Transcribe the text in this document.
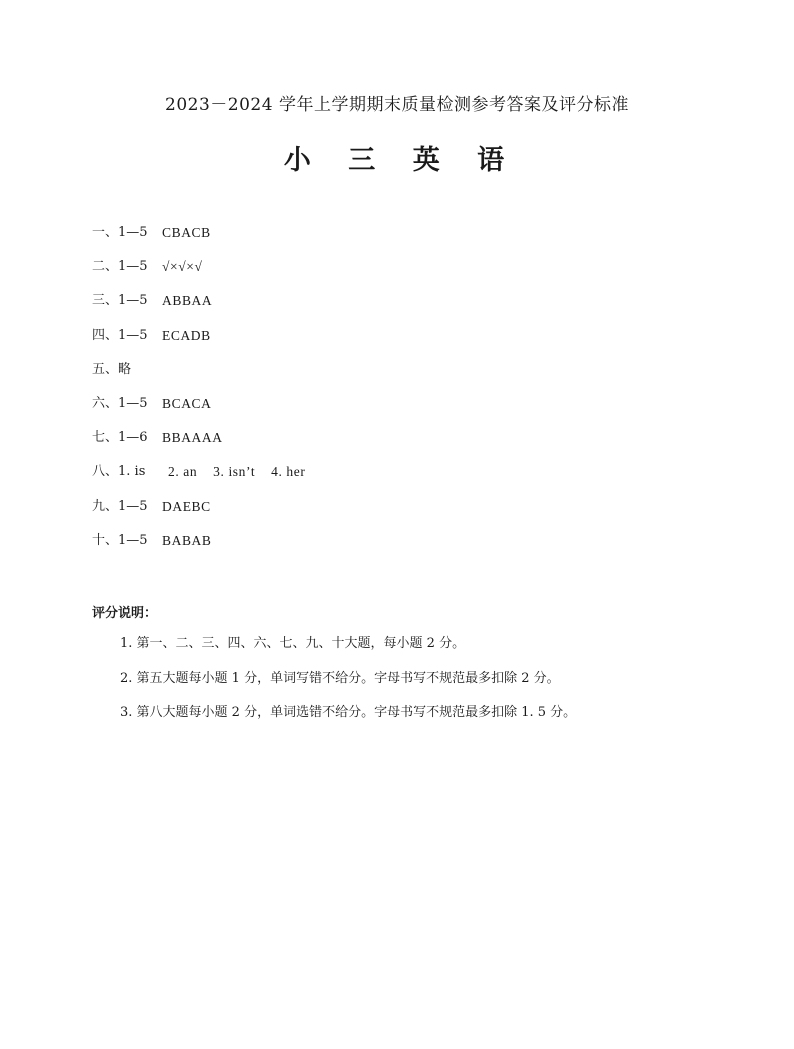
2023－2024 学年上学期期末质量检测参考答案及评分标准
小 三 英 语
一、1—5	CBACB
二、1—5	√×√×√
三、1—5	ABBAA
四、1—5	ECADB
五、略
六、1—5	BCACA
七、1—6	BBAAAA
八、1. is	2. an    3. isn’t    4. her
九、1—5	DAEBC
十、1—5	BABAB

评分说明：

1. 第一、二、三、四、六、七、九、十大题，每小题 2 分。
2. 第五大题每小题 1 分，单词写错不给分。字母书写不规范最多扣除 2 分。
3. 第八大题每小题 2 分，单词选错不给分。字母书写不规范最多扣除 1. 5 分。
